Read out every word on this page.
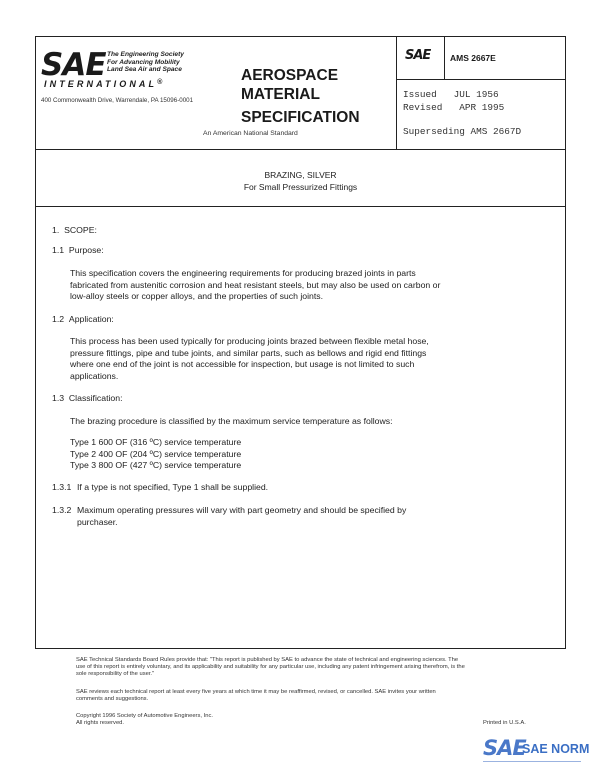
SAE The Engineering Society
For Advancing Mobility
Land Sea Air and Space
INTERNATIONAL®
400 Commonwealth Drive, Warrendale, PA 15096-0001
AEROSPACE
MATERIAL
SPECIFICATION
An American National Standard
SAE AMS 2667E
Issued JUL 1956
Revised APR 1995
Superseding AMS 2667D
BRAZING, SILVER
For Small Pressurized Fittings
1. SCOPE:
1.1 Purpose:
This specification covers the engineering requirements for producing brazed joints in parts
fabricated from austenitic corrosion and heat resistant steels, but may also be used on carbon or
low-alloy steels or copper alloys, and the properties of such joints.
1.2 Application:
This process has been used typically for producing joints brazed between flexible metal hose,
pressure fittings, pipe and tube joints, and similar parts, such as bellows and rigid end fittings
where one end of the joint is not accessible for inspection, but usage is not limited to such
applications.
1.3 Classification:
The brazing procedure is classified by the maximum service temperature as follows:
Type 1 600 OF (316 ºC) service temperature
Type 2 400 OF (204 ºC) service temperature
Type 3 800 OF (427 ºC) service temperature
1.3.1 If a type is not specified, Type 1 shall be supplied.
1.3.2 Maximum operating pressures will vary with part geometry and should be specified by
purchaser.
SAE Technical Standards Board Rules provide that: "This report is published by SAE to advance the state of technical and engineering sciences. The
use of this report is entirely voluntary, and its applicability and suitability for any particular use, including any patent infringement arising therefrom, is the
sole responsibility of the user."
SAE reviews each technical report at least every five years at which time it may be reaffirmed, revised, or cancelled. SAE invites your written
comments and suggestions.
Copyright 1996 Society of Automotive Engineers, Inc.
All rights reserved.	Printed in U.S.A.
SAE
SAE NORM
